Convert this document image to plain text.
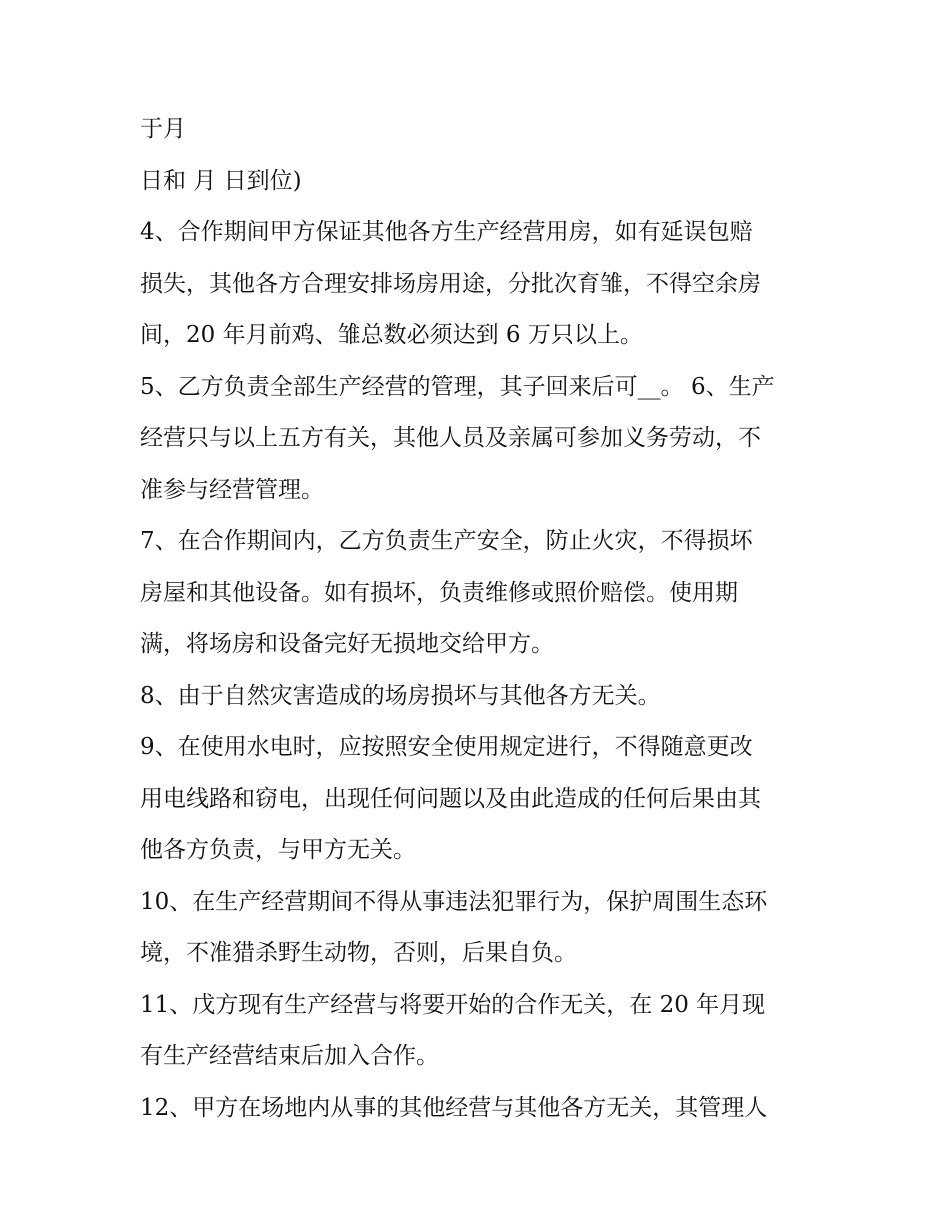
于月
日和 月 日到位)
4、合作期间甲方保证其他各方生产经营用房，如有延误包赔
损失，其他各方合理安排场房用途，分批次育雏，不得空余房
间，20 年月前鸡、雏总数必须达到 6 万只以上。
5、乙方负责全部生产经营的管理，其子回来后可__。 6、生产
经营只与以上五方有关，其他人员及亲属可参加义务劳动，不
准参与经营管理。
7、在合作期间内，乙方负责生产安全，防止火灾，不得损坏
房屋和其他设备。如有损坏，负责维修或照价赔偿。使用期
满，将场房和设备完好无损地交给甲方。
8、由于自然灾害造成的场房损坏与其他各方无关。
9、在使用水电时，应按照安全使用规定进行，不得随意更改
用电线路和窃电，出现任何问题以及由此造成的任何后果由其
他各方负责，与甲方无关。
10、在生产经营期间不得从事违法犯罪行为，保护周围生态环
境，不准猎杀野生动物，否则，后果自负。
11、戊方现有生产经营与将要开始的合作无关，在 20 年月现
有生产经营结束后加入合作。
12、甲方在场地内从事的其他经营与其他各方无关，其管理人
